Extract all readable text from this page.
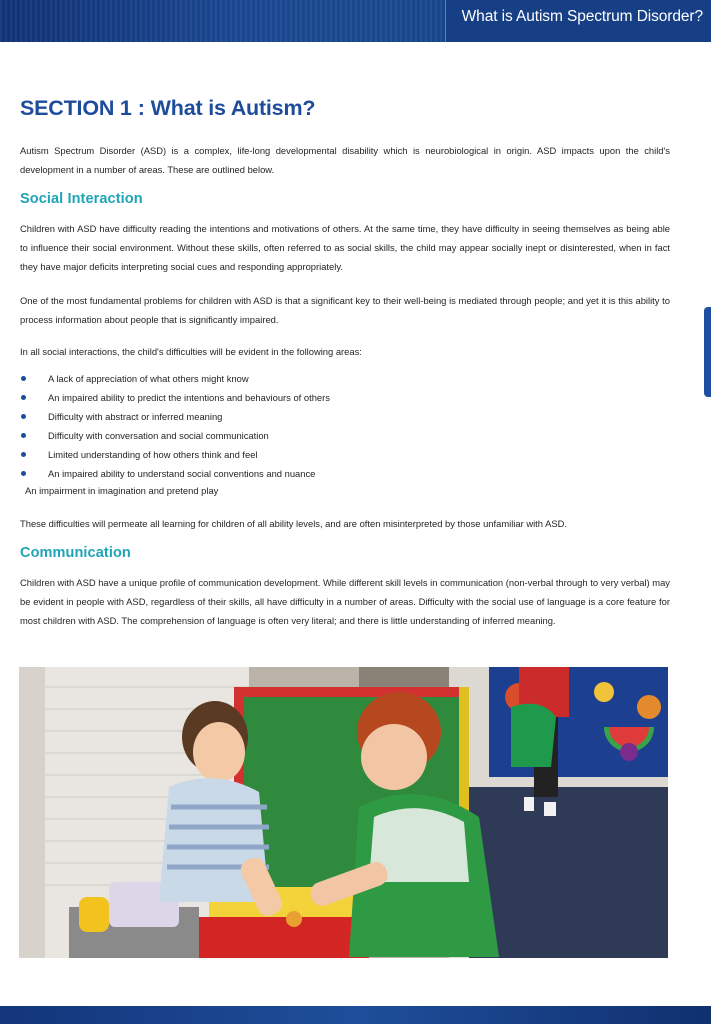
What is Autism Spectrum Disorder?
SECTION 1 : What is Autism?

Autism Spectrum Disorder (ASD) is a complex, life-long developmental disability which is neurobiological in origin. ASD impacts upon the child's development in a number of areas. These are outlined below.

Social Interaction

Children with ASD have difficulty reading the intentions and motivations of others. At the same time, they have difficulty in seeing themselves as being able to influence their social environment. Without these skills, often referred to as social skills, the child may appear socially inept or disinterested, when in fact they have major deficits interpreting social cues and responding appropriately.

One of the most fundamental problems for children with ASD is that a significant key to their well-being is mediated through people; and yet it is this ability to process information about people that is significantly impaired.

In all social interactions, the child's difficulties will be evident in the following areas:

A lack of appreciation of what others might know
An impaired ability to predict the intentions and behaviours of others
Difficulty with abstract or inferred meaning
Difficulty with conversation and social communication
Limited understanding of how others think and feel
An impaired ability to understand social conventions and nuance
An impairment in imagination and pretend play

These difficulties will permeate all learning for children of all ability levels, and are often misinterpreted by those unfamiliar with ASD.

Communication

Children with ASD have a unique profile of communication development. While different skill levels in communication (non-verbal through to very verbal) may be evident in people with ASD, regardless of their skills, all have difficulty in a number of areas. Difficulty with the social use of language is a core feature for most children with ASD. The comprehension of language is often very literal; and there is little understanding of inferred meaning.
